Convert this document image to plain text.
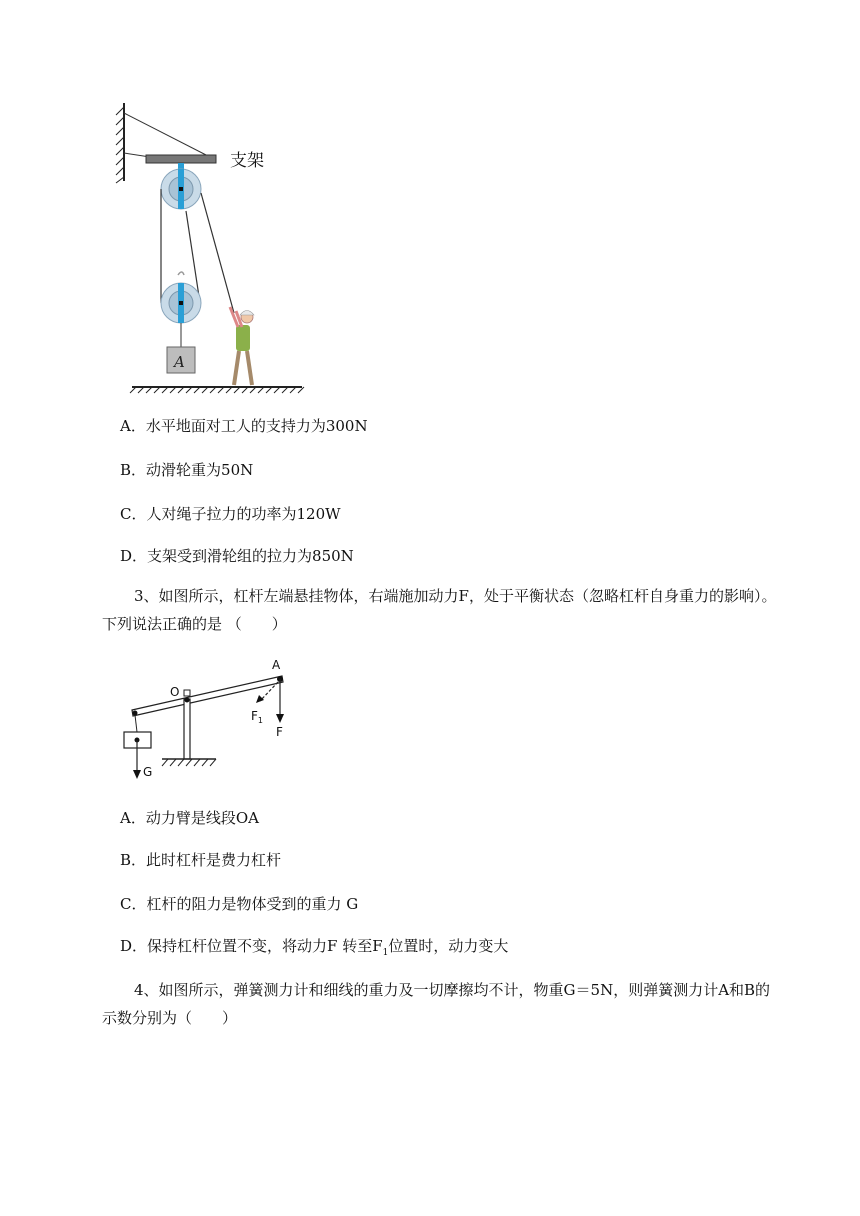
支架
A
A．水平地面对工人的支持力为300N
B．动滑轮重为50N
C．人对绳子拉力的功率为120W
D．支架受到滑轮组的拉力为850N

3、如图所示，杠杆左端悬挂物体，右端施加动力F，处于平衡状态（忽略杠杆自身重力的影响）。

下列说法正确的是 （　　）

O
G
A
F
$F_1$
A．动力臂是线段OA
B．此时杠杆是费力杠杆
C．杠杆的阻力是物体受到的重力 G
D．保持杠杆位置不变，将动力F 转至$F_1$位置时，动力变大

4、如图所示，弹簧测力计和细线的重力及一切摩擦均不计，物重G＝5N，则弹簧测力计A和B的

示数分别为（　　）
